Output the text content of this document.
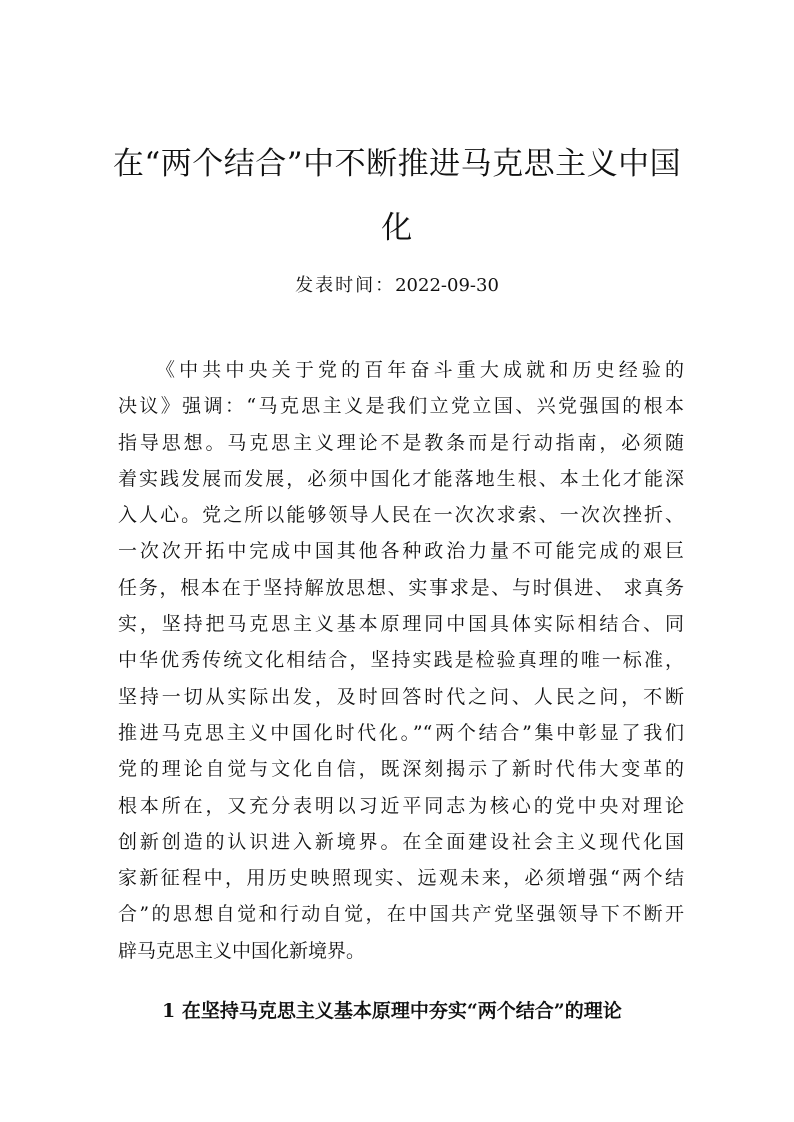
在“两个结合”中不断推进马克思主义中国
化
发表时间：2022-09-30
《中共中央关于党的百年奋斗重大成就和历史经验的
决议》强调：“马克思主义是我们立党立国、兴党强国的根本
指导思想。马克思主义理论不是教条而是行动指南，必须随
着实践发展而发展，必须中国化才能落地生根、本土化才能深
入人心。党之所以能够领导人民在一次次求索、一次次挫折、
一次次开拓中完成中国其他各种政治力量不可能完成的艰巨
任务，根本在于坚持解放思想、实事求是、与时俱进、 求真务
实，坚持把马克思主义基本原理同中国具体实际相结合、同
中华优秀传统文化相结合，坚持实践是检验真理的唯一标准，
坚持一切从实际出发，及时回答时代之问、人民之问，不断
推进马克思主义中国化时代化。”“两个结合”集中彰显了我们
党的理论自觉与文化自信，既深刻揭示了新时代伟大变革的
根本所在，又充分表明以习近平同志为核心的党中央对理论
创新创造的认识进入新境界。在全面建设社会主义现代化国
家新征程中，用历史映照现实、远观未来，必须增强“两个结
合”的思想自觉和行动自觉，在中国共产党坚强领导下不断开
辟马克思主义中国化新境界。
1 在坚持马克思主义基本原理中夯实“两个结合”的理论
